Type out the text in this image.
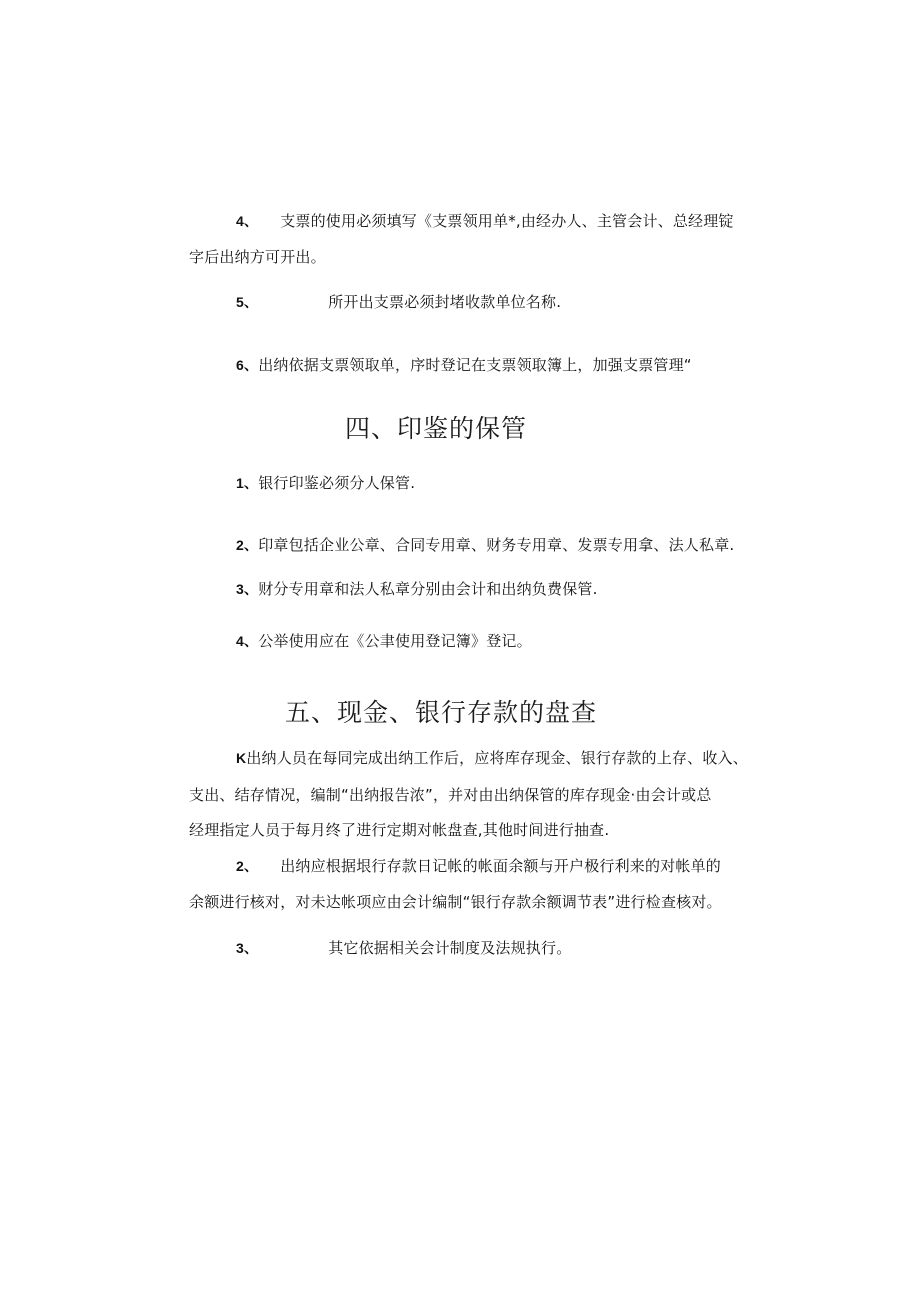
4、 支票的使用必须填写《支票领用单*,由经办人、主管会计、总经理锭
字后出纳方可开出。
5、	所开出支票必须封堵收款单位名称.
6、出纳依据支票领取单，序时登记在支票领取簿上，加强支票管理“
四、印鉴的保管
1、银行印鉴必须分人保管.
2、印章包括企业公章、合同专用章、财务专用章、发票专用拿、法人私章.
3、财分专用章和法人私章分别由会计和出纳负费保管.
4、公举使用应在《公聿使用登记簿》登记。
五、现金、银行存款的盘查
K出纳人员在每同完成出纳工作后，应将库存现金、银行存款的上存、收入、
支出、结存情况，编制“出纳报告浓”，并对由出纳保管的库存现金·由会计或总
经理指定人员于每月终了进行定期对帐盘查,其他时间进行抽查.
2、 出纳应根据垠行存款日记帐的帐面余额与开户极行利来的对帐单的
余额进行核对，对未达帐项应由会计编制“银行存款余额调节表”进行检查核对。
3、	其它依据相关会计制度及法规执行。
